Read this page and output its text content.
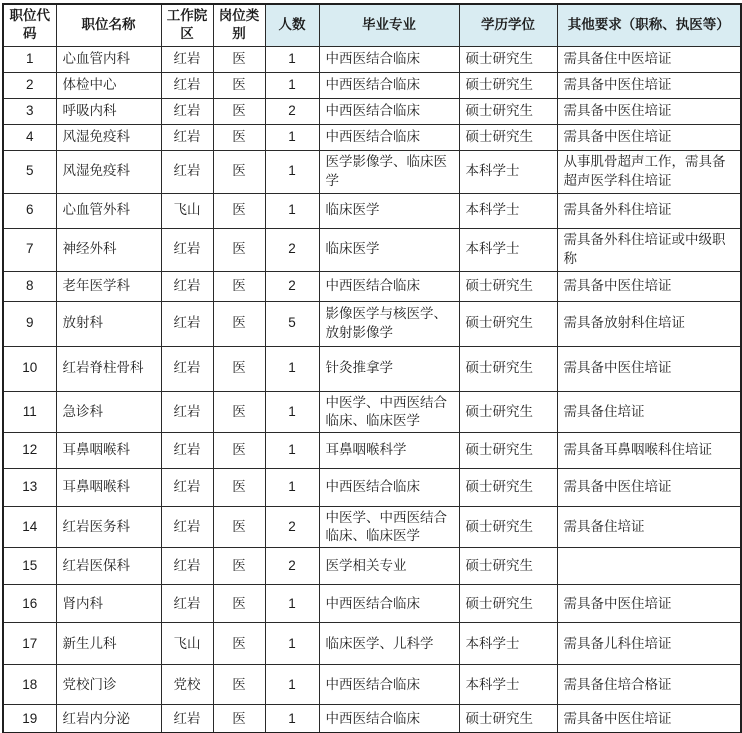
职位代码	职位名称	工作院区	岗位类别	人数	毕业专业	学历学位	其他要求（职称、执医等）
1	心血管内科	红岩	医	1	中西医结合临床	硕士研究生	需具备住中医培证
2	体检中心	红岩	医	1	中西医结合临床	硕士研究生	需具备中医住培证
3	呼吸内科	红岩	医	2	中西医结合临床	硕士研究生	需具备中医住培证
4	风湿免疫科	红岩	医	1	中西医结合临床	硕士研究生	需具备中医住培证
5	风湿免疫科	红岩	医	1	医学影像学、临床医学	本科学士	从事肌骨超声工作，需具备超声医学科住培证
6	心血管外科	飞山	医	1	临床医学	本科学士	需具备外科住培证
7	神经外科	红岩	医	2	临床医学	本科学士	需具备外科住培证或中级职称
8	老年医学科	红岩	医	2	中西医结合临床	硕士研究生	需具备中医住培证
9	放射科	红岩	医	5	影像医学与核医学、放射影像学	硕士研究生	需具备放射科住培证
10	红岩脊柱骨科	红岩	医	1	针灸推拿学	硕士研究生	需具备中医住培证
11	急诊科	红岩	医	1	中医学、中西医结合临床、临床医学	硕士研究生	需具备住培证
12	耳鼻咽喉科	红岩	医	1	耳鼻咽喉科学	硕士研究生	需具备耳鼻咽喉科住培证
13	耳鼻咽喉科	红岩	医	1	中西医结合临床	硕士研究生	需具备中医住培证
14	红岩医务科	红岩	医	2	中医学、中西医结合临床、临床医学	硕士研究生	需具备住培证
15	红岩医保科	红岩	医	2	医学相关专业	硕士研究生	
16	肾内科	红岩	医	1	中西医结合临床	硕士研究生	需具备中医住培证
17	新生儿科	飞山	医	1	临床医学、儿科学	本科学士	需具备儿科住培证
18	党校门诊	党校	医	1	中西医结合临床	本科学士	需具备住培合格证
19	红岩内分泌	红岩	医	1	中西医结合临床	硕士研究生	需具备中医住培证
